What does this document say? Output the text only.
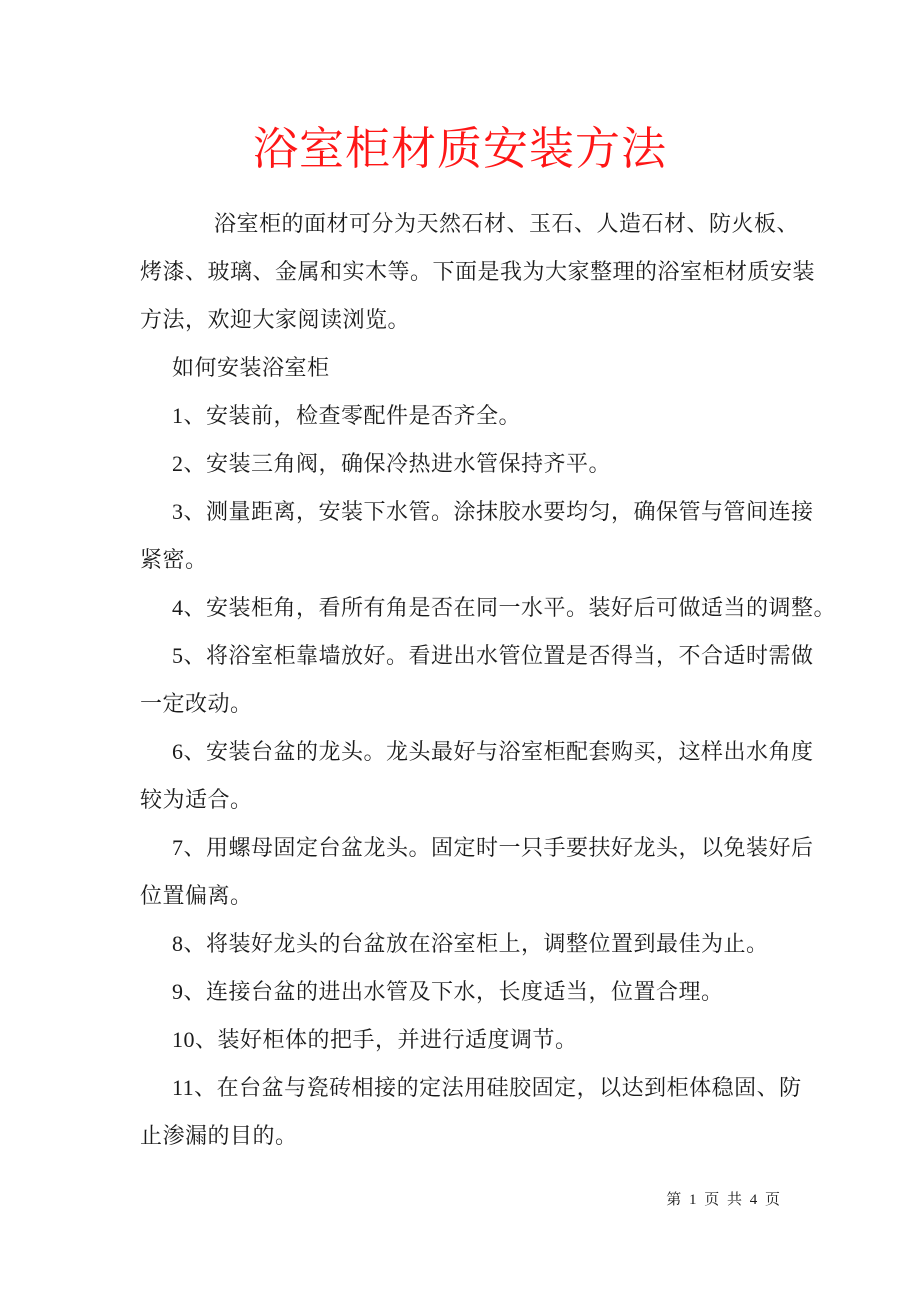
浴室柜材质安装方法
浴室柜的面材可分为天然石材、玉石、人造石材、防火板、
烤漆、玻璃、金属和实木等。下面是我为大家整理的浴室柜材质安装
方法，欢迎大家阅读浏览。
如何安装浴室柜
1、安装前，检查零配件是否齐全。
2、安装三角阀，确保冷热进水管保持齐平。
3、测量距离，安装下水管。涂抹胶水要均匀，确保管与管间连接
紧密。
4、安装柜角，看所有角是否在同一水平。装好后可做适当的调整。
5、将浴室柜靠墙放好。看进出水管位置是否得当，不合适时需做
一定改动。
6、安装台盆的龙头。龙头最好与浴室柜配套购买，这样出水角度
较为适合。
7、用螺母固定台盆龙头。固定时一只手要扶好龙头，以免装好后
位置偏离。
8、将装好龙头的台盆放在浴室柜上，调整位置到最佳为止。
9、连接台盆的进出水管及下水，长度适当，位置合理。
10、装好柜体的把手，并进行适度调节。
11、在台盆与瓷砖相接的定法用硅胶固定，以达到柜体稳固、防
止渗漏的目的。
第 1 页 共 4 页
